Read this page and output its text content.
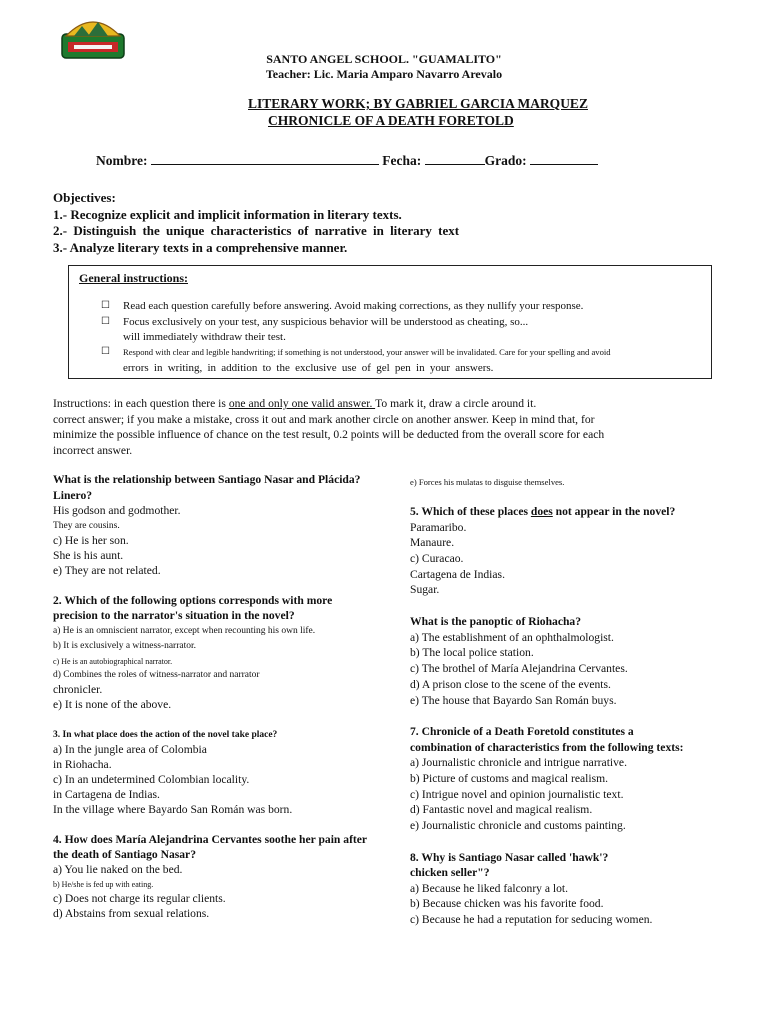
SANTO ANGEL SCHOOL. "GUAMALITO"
Teacher: Lic. Maria Amparo Navarro Arevalo
LITERARY WORK; BY GABRIEL GARCIA MARQUEZ
CHRONICLE OF A DEATH FORETOLD
Nombre:	Fecha:	Grado:
Objectives:
1.- Recognize explicit and implicit information in literary texts.
2.- Distinguish the unique characteristics of narrative in literary text
3.- Analyze literary texts in a comprehensive manner.
General instructions:
☐ Read each question carefully before answering. Avoid making corrections, as they nullify your response.
☐ Focus exclusively on your test, any suspicious behavior will be understood as cheating, so...
will immediately withdraw their test.
☐ Respond with clear and legible handwriting; if something is not understood, your answer will be invalidated. Care for your spelling and avoid
errors in writing, in addition to the exclusive use of gel pen in your answers.
Instructions: in each question there is one and only one valid answer. To mark it, draw a circle around it.
correct answer; if you make a mistake, cross it out and mark another circle on another answer. Keep in mind that, for
minimize the possible influence of chance on the test result, 0.2 points will be deducted from the overall score for each
incorrect answer.
What is the relationship between Santiago Nasar and Plácida?
Linero?
His godson and godmother.
They are cousins.
c) He is her son.
She is his aunt.
e) They are not related.
2. Which of the following options corresponds with more
precision to the narrator's situation in the novel?
a) He is an omniscient narrator, except when recounting his own life.
b) It is exclusively a witness-narrator.
c) He is an autobiographical narrator.
d) Combines the roles of witness-narrator and narrator
chronicler.
e) It is none of the above.
3. In what place does the action of the novel take place?
a) In the jungle area of Colombia
in Riohacha.
c) In an undetermined Colombian locality.
in Cartagena de Indias.
In the village where Bayardo San Román was born.
4. How does María Alejandrina Cervantes soothe her pain after
the death of Santiago Nasar?
a) You lie naked on the bed.
b) He/she is fed up with eating.
c) Does not charge its regular clients.
d) Abstains from sexual relations.
e) Forces his mulatas to disguise themselves.
5. Which of these places does not appear in the novel?
Paramaribo.
Manaure.
c) Curacao.
Cartagena de Indias.
Sugar.
What is the panoptic of Riohacha?
a) The establishment of an ophthalmologist.
b) The local police station.
c) The brothel of María Alejandrina Cervantes.
d) A prison close to the scene of the events.
e) The house that Bayardo San Román buys.
7. Chronicle of a Death Foretold constitutes a
combination of characteristics from the following texts:
a) Journalistic chronicle and intrigue narrative.
b) Picture of customs and magical realism.
c) Intrigue novel and opinion journalistic text.
d) Fantastic novel and magical realism.
e) Journalistic chronicle and customs painting.
8. Why is Santiago Nasar called 'hawk'?
chicken seller"?
a) Because he liked falconry a lot.
b) Because chicken was his favorite food.
c) Because he had a reputation for seducing women.
